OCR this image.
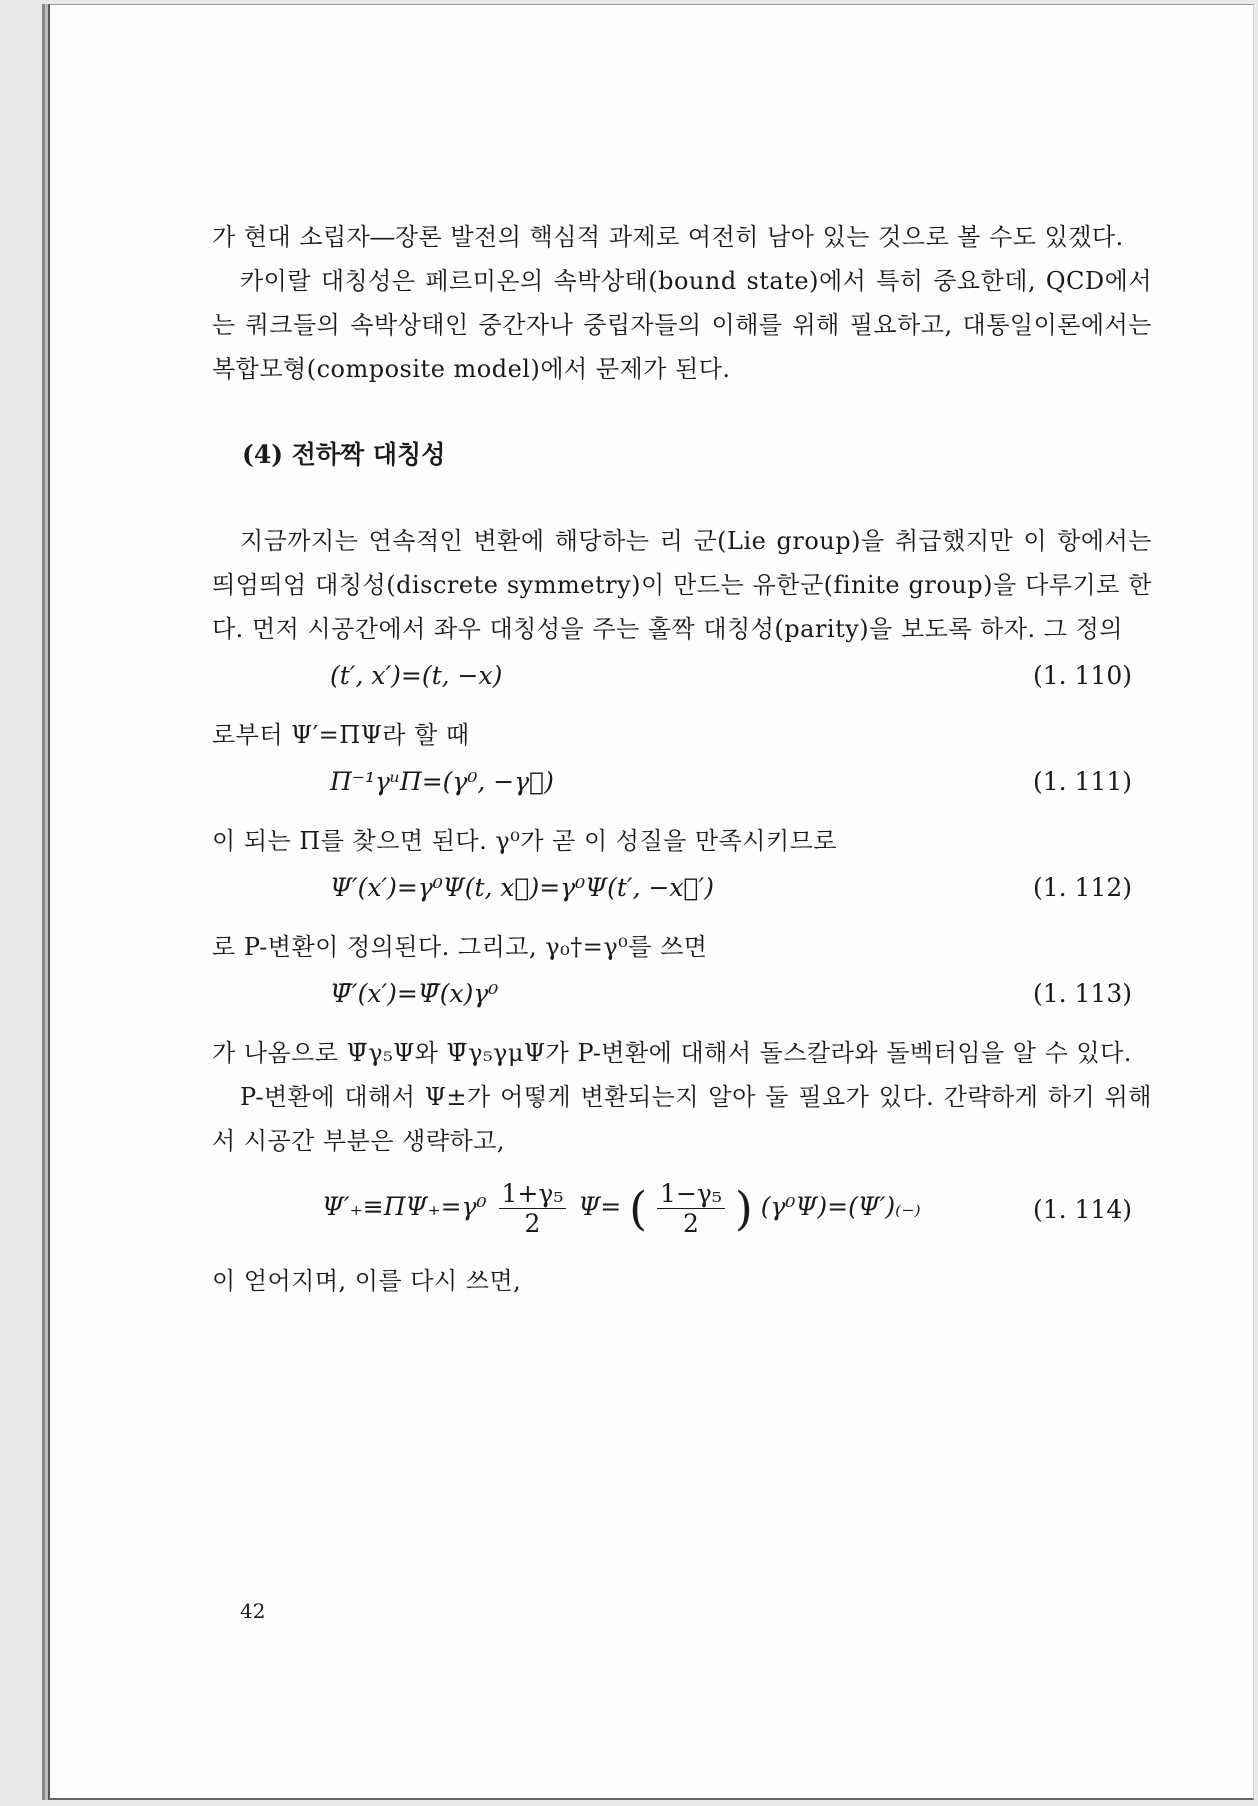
가 현대 소립자―장론 발전의 핵심적 과제로 여전히 남아 있는 것으로 볼 수도 있겠다.

카이랄 대칭성은 페르미온의 속박상태(bound state)에서 특히 중요한데, QCD에서는 쿼크들의 속박상태인 중간자나 중립자들의 이해를 위해 필요하고, 대통일이론에서는 복합모형(composite model)에서 문제가 된다.

(4) 전하짝 대칭성

지금까지는 연속적인 변환에 해당하는 리 군(Lie group)을 취급했지만 이 항에서는 띄엄띄엄 대칭성(discrete symmetry)이 만드는 유한군(finite group)을 다루기로 한다. 먼저 시공간에서 좌우 대칭성을 주는 홀짝 대칭성(parity)을 보도록 하자. 그 정의

(t′, x′)=(t, −x)	(1. 110)

로부터 Ψ′=ΠΨ라 할 때

Π⁻¹γᵘΠ=(γ⁰, −γ⃗)	(1. 111)

이 되는 Π를 찾으면 된다. γ⁰가 곧 이 성질을 만족시키므로

Ψ′(x′)=γ⁰Ψ(t, x⃗)=γ⁰Ψ(t′, −x⃗′)	(1. 112)

로 P-변환이 정의된다. 그리고, γ₀†=γ⁰를 쓰면

Ψ̄′(x′)=Ψ̄(x)γ⁰	(1. 113)

가 나옴으로 Ψ̄γ₅Ψ와 Ψ̄γ₅γμΨ가 P-변환에 대해서 돌스칼라와 돌벡터임을 알 수 있다.

P-변환에 대해서 Ψ±가 어떻게 변환되는지 알아 둘 필요가 있다. 간략하게 하기 위해서 시공간 부분은 생략하고,

$\Psi'_+\equiv\Pi\Psi_+=\gamma^0 \frac{\text{1+γ₅}}{2} \Psi=$ ( $\frac{\text{1−γ₅}}{2}$ ) (γ⁰Ψ)=(Ψ′)₍₋₎	(1. 114)

이 얻어지며, 이를 다시 쓰면,

42
